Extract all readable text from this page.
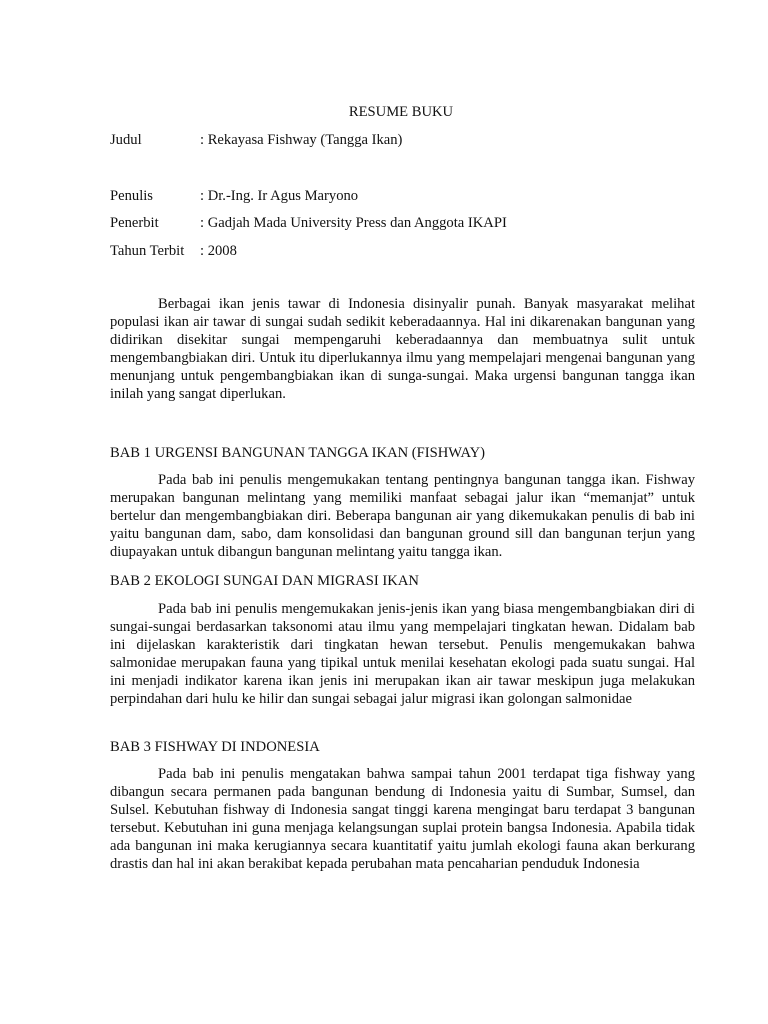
RESUME BUKU
Judul	: Rekayasa Fishway (Tangga Ikan)
Penulis	: Dr.-Ing. Ir Agus Maryono
Penerbit	: Gadjah Mada University Press dan Anggota IKAPI
Tahun Terbit : 2008

Berbagai ikan jenis tawar di Indonesia disinyalir punah. Banyak masyarakat melihat populasi ikan air tawar di sungai sudah sedikit keberadaannya. Hal ini dikarenakan bangunan yang didirikan disekitar sungai mempengaruhi keberadaannya dan membuatnya sulit untuk mengembangbiakan diri. Untuk itu diperlukannya ilmu yang mempelajari mengenai bangunan yang menunjang untuk pengembangbiakan ikan di sunga-sungai. Maka urgensi bangunan tangga ikan inilah yang sangat diperlukan.

BAB 1 URGENSI BANGUNAN TANGGA IKAN (FISHWAY)

Pada bab ini penulis mengemukakan tentang pentingnya bangunan tangga ikan. Fishway merupakan bangunan melintang yang memiliki manfaat sebagai jalur ikan “memanjat” untuk bertelur dan mengembangbiakan diri. Beberapa bangunan air yang dikemukakan penulis di bab ini yaitu bangunan dam, sabo, dam konsolidasi dan bangunan ground sill dan bangunan terjun yang diupayakan untuk dibangun bangunan melintang yaitu tangga ikan.

BAB 2 EKOLOGI SUNGAI DAN MIGRASI IKAN

Pada bab ini penulis mengemukakan jenis-jenis ikan yang biasa mengembangbiakan diri di sungai-sungai berdasarkan taksonomi atau ilmu yang mempelajari tingkatan hewan. Didalam bab ini dijelaskan karakteristik dari tingkatan hewan tersebut. Penulis mengemukakan bahwa salmonidae merupakan fauna yang tipikal untuk menilai kesehatan ekologi pada suatu sungai. Hal ini menjadi indikator karena ikan jenis ini merupakan ikan air tawar meskipun juga melakukan perpindahan dari hulu ke hilir dan sungai sebagai jalur migrasi ikan golongan salmonidae

BAB 3 FISHWAY DI INDONESIA

Pada bab ini penulis mengatakan bahwa sampai tahun 2001 terdapat tiga fishway yang dibangun secara permanen pada bangunan bendung di Indonesia yaitu di Sumbar, Sumsel, dan Sulsel. Kebutuhan fishway di Indonesia sangat tinggi karena mengingat baru terdapat 3 bangunan tersebut. Kebutuhan ini guna menjaga kelangsungan suplai protein bangsa Indonesia. Apabila tidak ada bangunan ini maka kerugiannya secara kuantitatif yaitu jumlah ekologi fauna akan berkurang drastis dan hal ini akan berakibat kepada perubahan mata pencaharian penduduk Indonesia
